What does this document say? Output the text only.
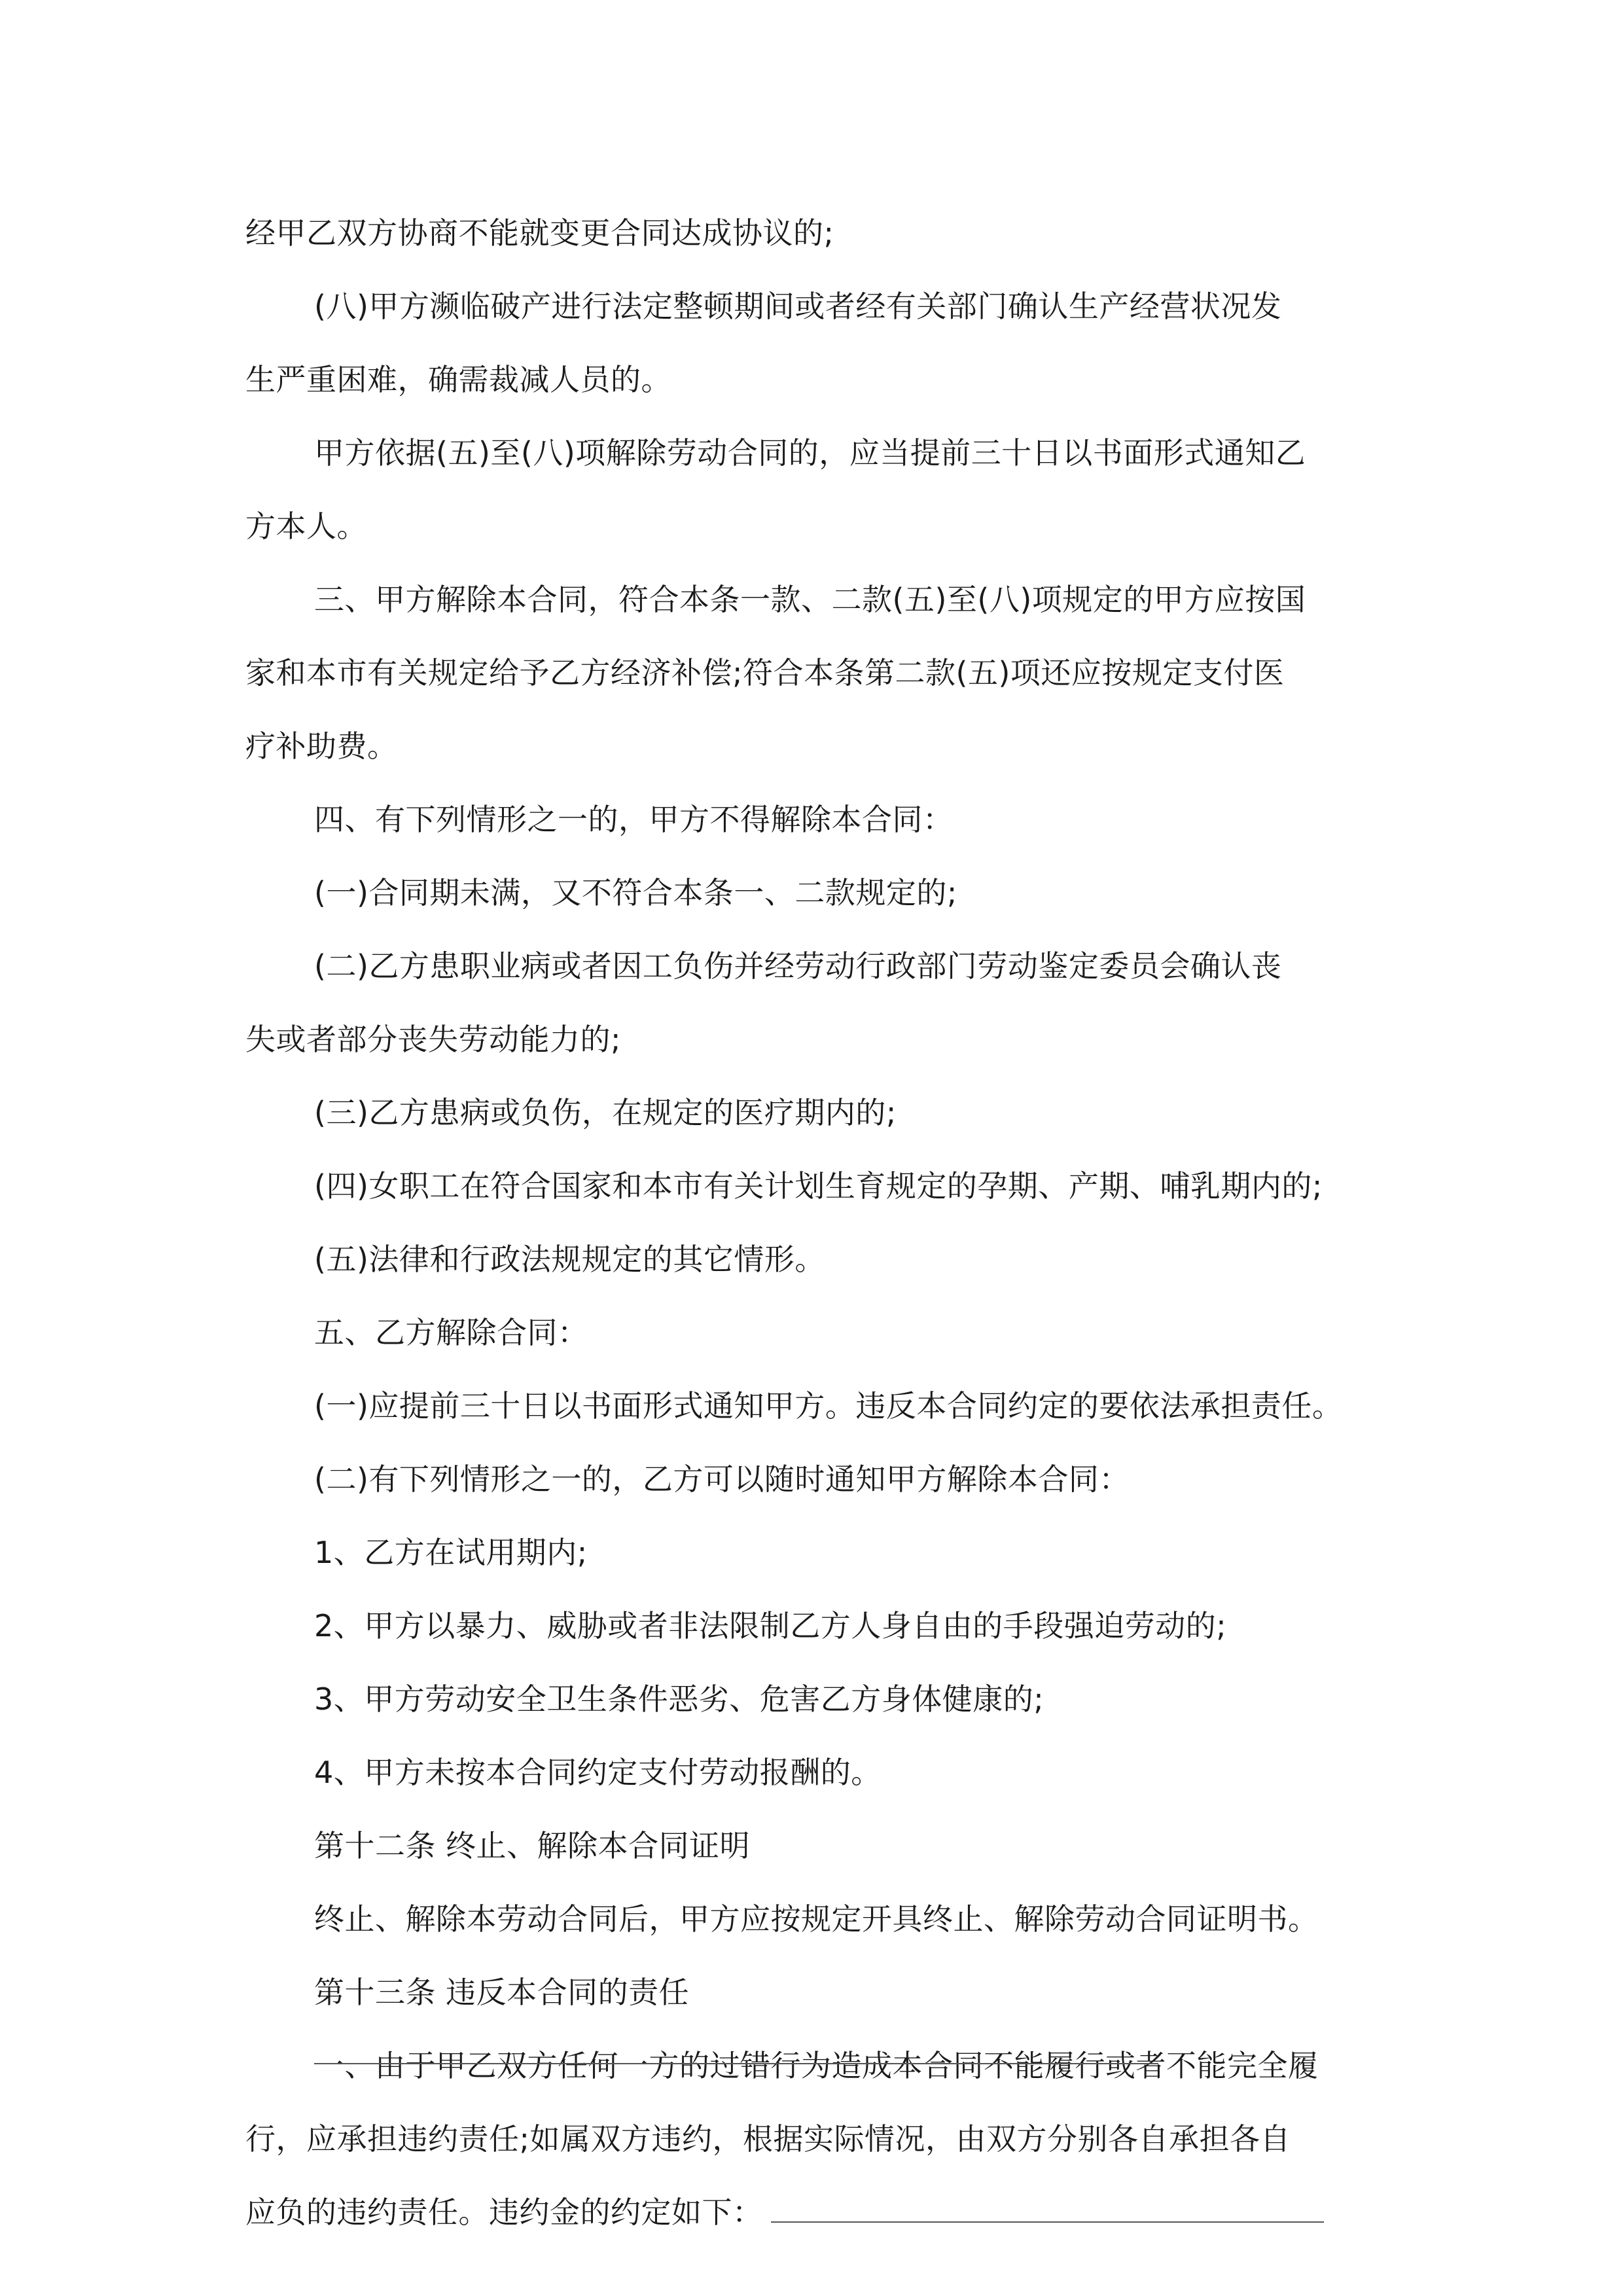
经甲乙双方协商不能就变更合同达成协议的;
(八)甲方濒临破产进行法定整顿期间或者经有关部门确认生产经营状况发
生严重困难，确需裁减人员的。
甲方依据(五)至(八)项解除劳动合同的，应当提前三十日以书面形式通知乙
方本人。
三、甲方解除本合同，符合本条一款、二款(五)至(八)项规定的甲方应按国
家和本市有关规定给予乙方经济补偿;符合本条第二款(五)项还应按规定支付医
疗补助费。
四、有下列情形之一的，甲方不得解除本合同：
(一)合同期未满，又不符合本条一、二款规定的;
(二)乙方患职业病或者因工负伤并经劳动行政部门劳动鉴定委员会确认丧
失或者部分丧失劳动能力的;
(三)乙方患病或负伤，在规定的医疗期内的;
(四)女职工在符合国家和本市有关计划生育规定的孕期、产期、哺乳期内的;
(五)法律和行政法规规定的其它情形。
五、乙方解除合同：
(一)应提前三十日以书面形式通知甲方。违反本合同约定的要依法承担责任。
(二)有下列情形之一的，乙方可以随时通知甲方解除本合同：
1、乙方在试用期内;
2、甲方以暴力、威胁或者非法限制乙方人身自由的手段强迫劳动的;
3、甲方劳动安全卫生条件恶劣、危害乙方身体健康的;
4、甲方未按本合同约定支付劳动报酬的。
第十二条 终止、解除本合同证明
终止、解除本劳动合同后，甲方应按规定开具终止、解除劳动合同证明书。
第十三条 违反本合同的责任
一、由于甲乙双方任何一方的过错行为造成本合同不能履行或者不能完全履
行，应承担违约责任;如属双方违约，根据实际情况，由双方分别各自承担各自
应负的违约责任。违约金的约定如下：
